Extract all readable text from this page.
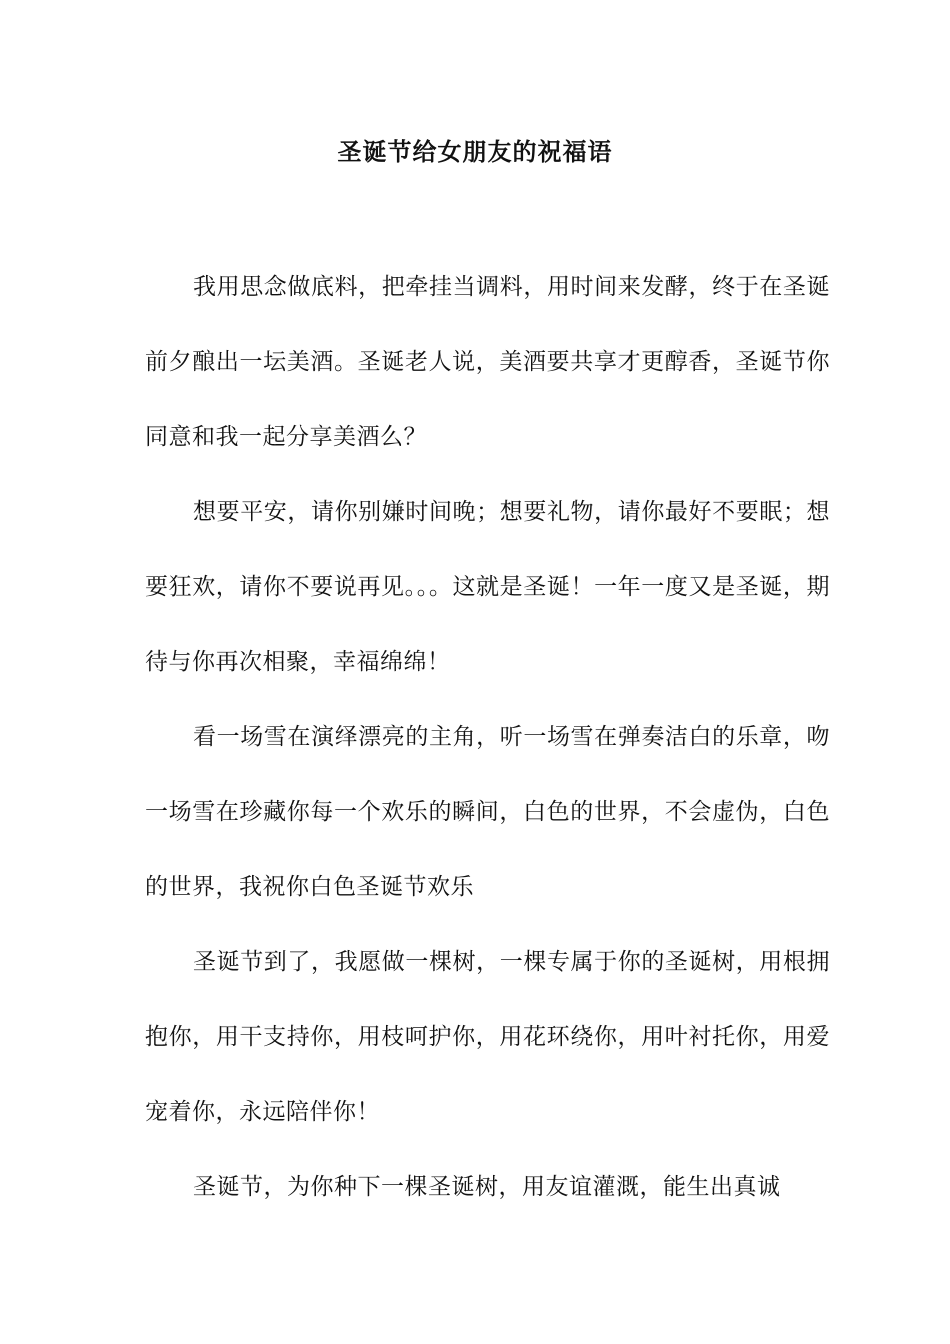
圣诞节给女朋友的祝福语

我用思念做底料，把牵挂当调料，用时间来发酵，终于在圣诞前夕酿出一坛美酒。圣诞老人说，美酒要共享才更醇香，圣诞节你同意和我一起分享美酒么？

想要平安，请你别嫌时间晚；想要礼物，请你最好不要眠；想要狂欢，请你不要说再见。。。这就是圣诞！一年一度又是圣诞，期待与你再次相聚，幸福绵绵！

看一场雪在演绎漂亮的主角，听一场雪在弹奏洁白的乐章，吻一场雪在珍藏你每一个欢乐的瞬间，白色的世界，不会虚伪，白色的世界，我祝你白色圣诞节欢乐

圣诞节到了，我愿做一棵树，一棵专属于你的圣诞树，用根拥抱你，用干支持你，用枝呵护你，用花环绕你，用叶衬托你，用爱宠着你，永远陪伴你！

圣诞节，为你种下一棵圣诞树，用友谊灌溉，能生出真诚
